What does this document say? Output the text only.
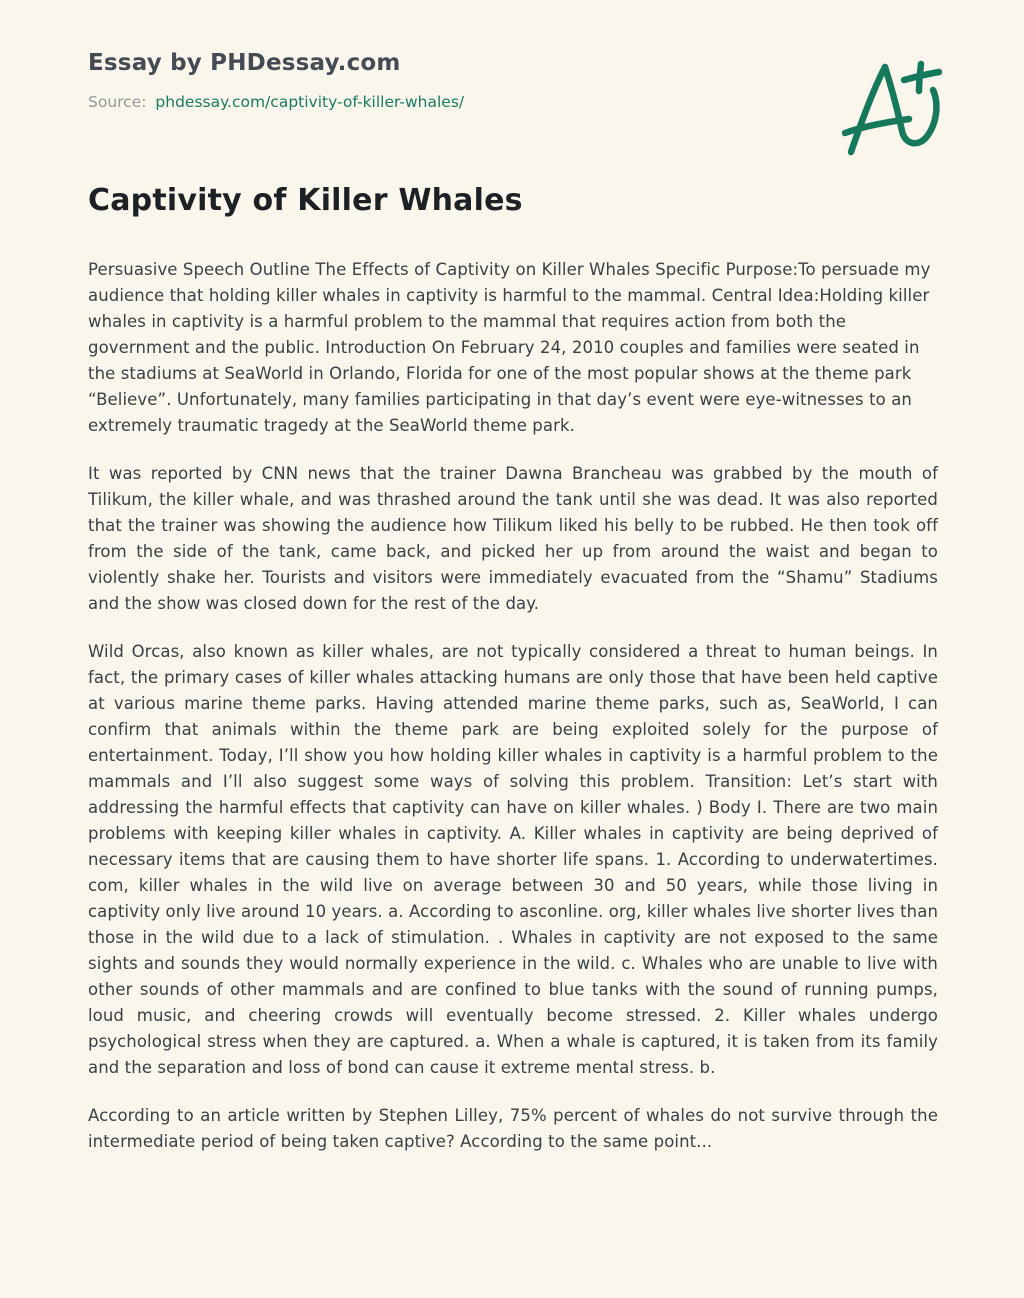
Essay by PHDessay.com
Source: phdessay.com/captivity-of-killer-whales/
Captivity of Killer Whales

Persuasive Speech Outline The Effects of Captivity on Killer Whales Specific Purpose:To persuade my audience that holding killer whales in captivity is harmful to the mammal. Central Idea:Holding killer whales in captivity is a harmful problem to the mammal that requires action from both the government and the public. Introduction On February 24, 2010 couples and families were seated in the stadiums at SeaWorld in Orlando, Florida for one of the most popular shows at the theme park “Believe”. Unfortunately, many families participating in that day’s event were eye-witnesses to an extremely traumatic tragedy at the SeaWorld theme park.

It was reported by CNN news that the trainer Dawna Brancheau was grabbed by the mouth of Tilikum, the killer whale, and was thrashed around the tank until she was dead. It was also reported that the trainer was showing the audience how Tilikum liked his belly to be rubbed. He then took off from the side of the tank, came back, and picked her up from around the waist and began to violently shake her. Tourists and visitors were immediately evacuated from the “Shamu” Stadiums and the show was closed down for the rest of the day.

Wild Orcas, also known as killer whales, are not typically considered a threat to human beings. In fact, the primary cases of killer whales attacking humans are only those that have been held captive at various marine theme parks. Having attended marine theme parks, such as, SeaWorld, I can confirm that animals within the theme park are being exploited solely for the purpose of entertainment. Today, I’ll show you how holding killer whales in captivity is a harmful problem to the mammals and I’ll also suggest some ways of solving this problem. Transition: Let’s start with addressing the harmful effects that captivity can have on killer whales. ) Body I. There are two main problems with keeping killer whales in captivity. A. Killer whales in captivity are being deprived of necessary items that are causing them to have shorter life spans. 1. According to underwatertimes. com, killer whales in the wild live on average between 30 and 50 years, while those living in captivity only live around 10 years. a. According to asconline. org, killer whales live shorter lives than those in the wild due to a lack of stimulation. . Whales in captivity are not exposed to the same sights and sounds they would normally experience in the wild. c. Whales who are unable to live with other sounds of other mammals and are confined to blue tanks with the sound of running pumps, loud music, and cheering crowds will eventually become stressed. 2. Killer whales undergo psychological stress when they are captured. a. When a whale is captured, it is taken from its family and the separation and loss of bond can cause it extreme mental stress. b.

According to an article written by Stephen Lilley, 75% percent of whales do not survive through the intermediate period of being taken captive? According to the same point...
